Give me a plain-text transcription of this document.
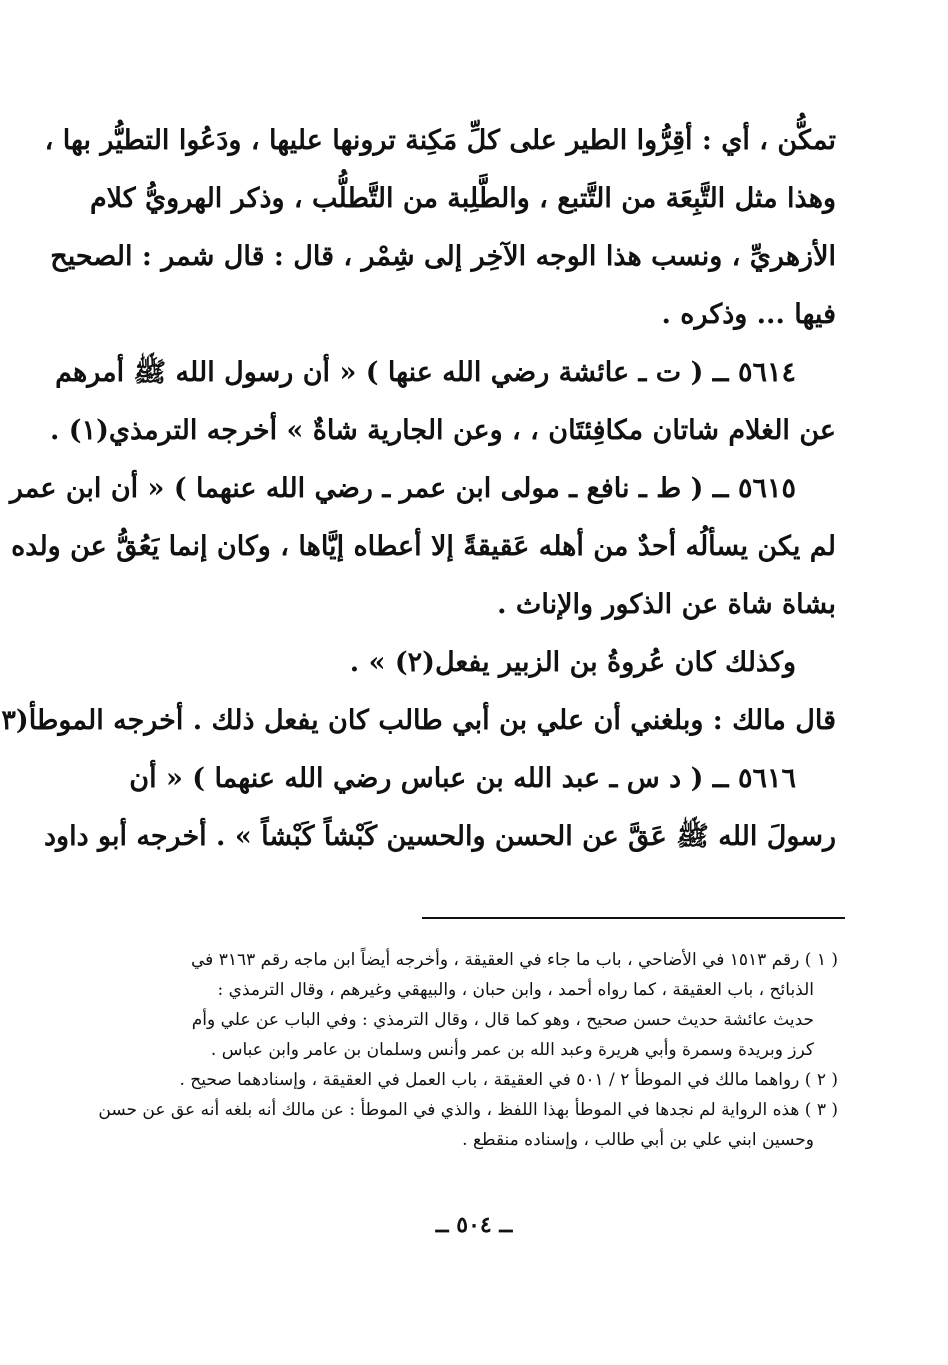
تمكُّن ، أي : أقِرُّوا الطير على كلِّ مَكِنة ترونها عليها ، ودَعُوا التطيُّر بها ،
وهذا مثل التَّبِعَة من التَّتبع ، والطَّلِبة من التَّطلُّب ، وذكر الهرويُّ كلام
الأزهريِّ ، ونسب هذا الوجه الآخِر إلى شِمْر ، قال : قال شمر : الصحيح
فيها ... وذكره .
٥٦١٤ ــ ( ت ـ عائشة رضي الله عنها ) « أن رسول الله ﷺ أمرهم
عن الغلام شاتان مكافِئتَان ، ، وعن الجارية شاةٌ » أخرجه الترمذي(١) .
٥٦١٥ ــ ( ط ـ نافع ـ مولى ابن عمر ـ رضي الله عنهما ) « أن ابن عمر
لم يكن يسألُه أحدٌ من أهله عَقيقةً إلا أعطاه إيَّاها ، وكان إنما يَعُقُّ عن ولده
بشاة شاة عن الذكور والإناث .
وكذلك كان عُروةُ بن الزبير يفعل(٢) » .
قال مالك : وبلغني أن علي بن أبي طالب كان يفعل ذلك . أخرجه الموطأ(٣
٥٦١٦ ــ ( د س ـ عبد الله بن عباس رضي الله عنهما ) « أن
رسولَ الله ﷺ عَقَّ عن الحسن والحسين كَبْشاً كَبْشاً » . أخرجه أبو داود
( ١ ) رقم ١٥١٣ في الأضاحي ، باب ما جاء في العقيقة ، وأخرجه أيضاً ابن ماجه رقم ٣١٦٣ في
الذبائح ، باب العقيقة ، كما رواه أحمد ، وابن حبان ، والبيهقي وغيرهم ، وقال الترمذي :
حديث عائشة حديث حسن صحيح ، وهو كما قال ، وقال الترمذي : وفي الباب عن علي وأم
كرز وبريدة وسمرة وأبي هريرة وعبد الله بن عمر وأنس وسلمان بن عامر وابن عباس .
( ٢ ) رواهما مالك في الموطأ ٢ / ٥٠١ في العقيقة ، باب العمل في العقيقة ، وإسنادهما صحيح .
( ٣ ) هذه الرواية لم نجدها في الموطأ بهذا اللفظ ، والذي في الموطأ : عن مالك أنه بلغه أنه عق عن حسن
وحسين ابني علي بن أبي طالب ، وإسناده منقطع .
ــ ٥٠٤ ــ
